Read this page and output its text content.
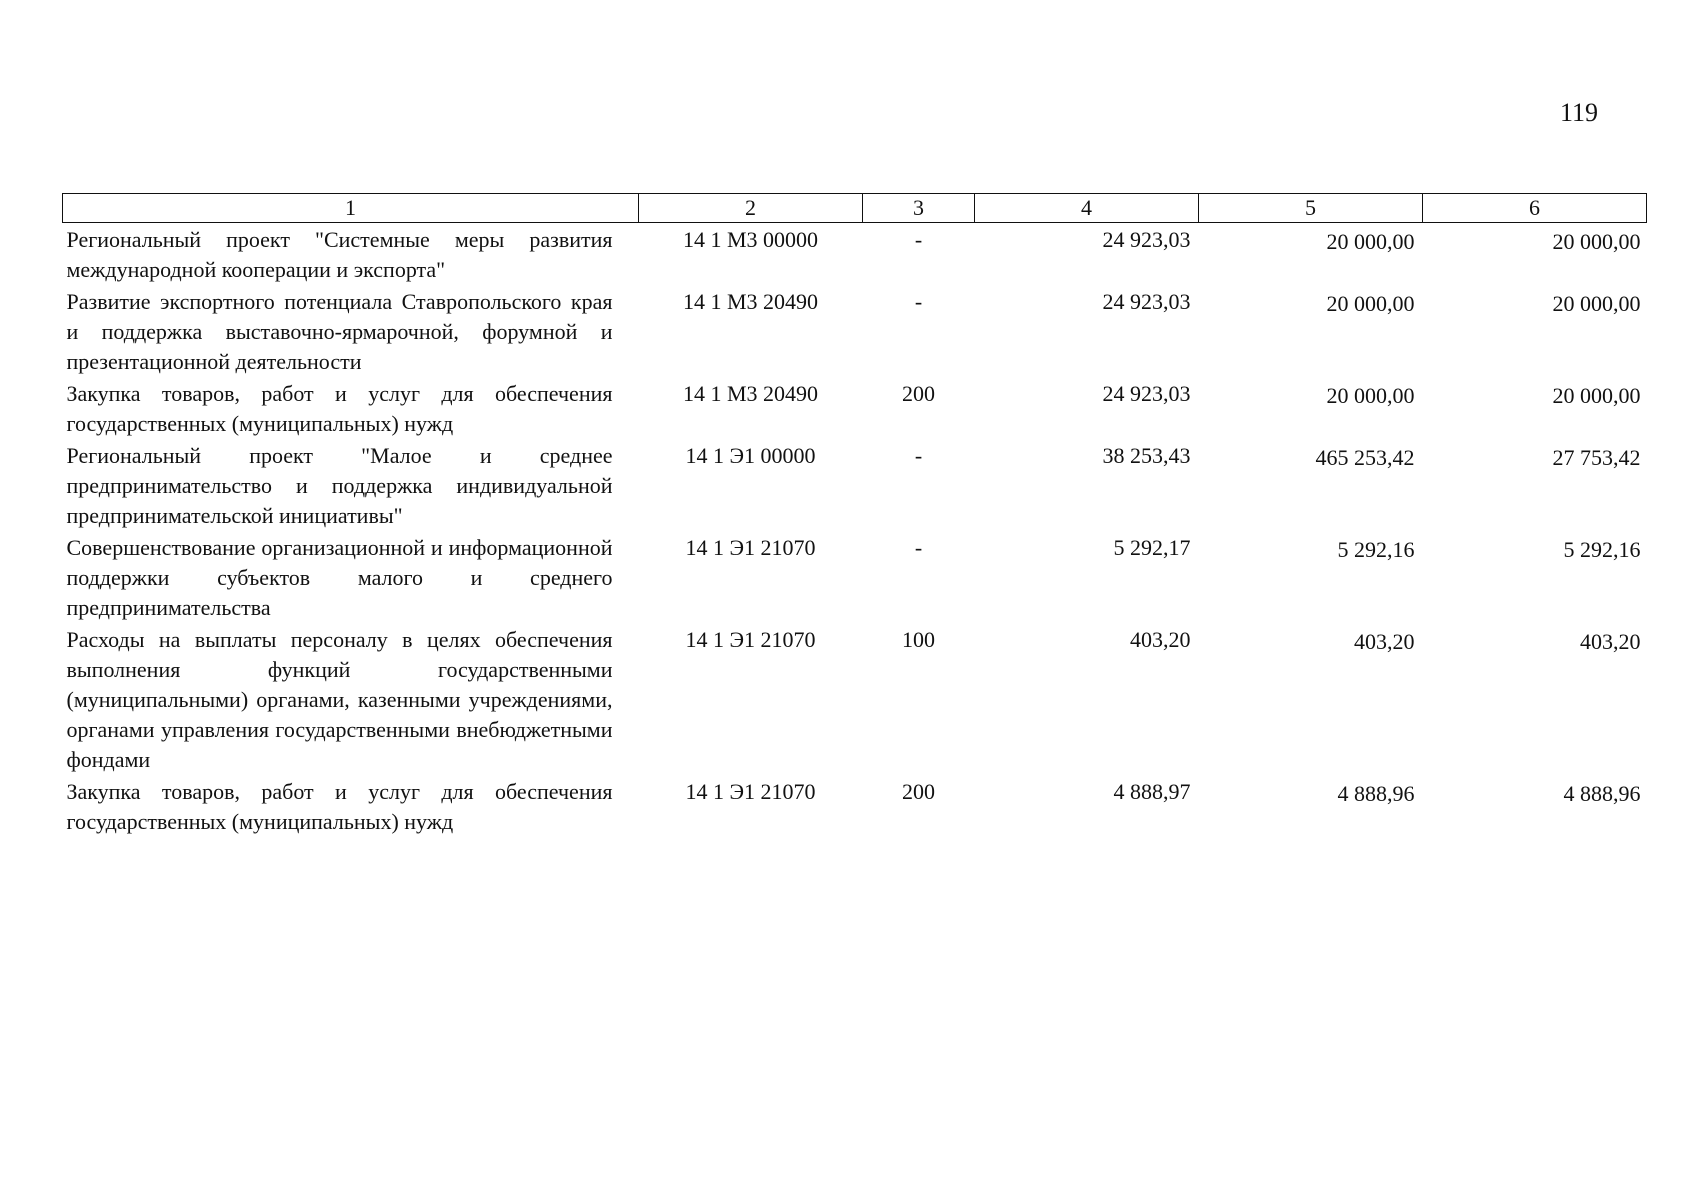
119
1	2	3	4	5	6
Региональный проект "Системные меры развития международной кооперации и экспорта"	14 1 М3 00000	-	24 923,03	20 000,00	20 000,00
Развитие экспортного потенциала Ставропольского края и поддержка выставочно-ярмарочной, форумной и презентационной деятельности	14 1 М3 20490	-	24 923,03	20 000,00	20 000,00
Закупка товаров, работ и услуг для обеспечения государственных (муниципальных) нужд	14 1 М3 20490	200	24 923,03	20 000,00	20 000,00
Региональный проект "Малое и среднее предпринимательство и поддержка индивидуальной предпринимательской инициативы"	14 1 Э1 00000	-	38 253,43	465 253,42	27 753,42
Совершенствование организационной и информационной поддержки субъектов малого и среднего предпринимательства	14 1 Э1 21070	-	5 292,17	5 292,16	5 292,16
Расходы на выплаты персоналу в целях обеспечения выполнения функций государственными (муниципальными) органами, казенными учреждениями, органами управления государственными внебюджетными фондами	14 1 Э1 21070	100	403,20	403,20	403,20
Закупка товаров, работ и услуг для обеспечения государственных (муниципальных) нужд	14 1 Э1 21070	200	4 888,97	4 888,96	4 888,96
